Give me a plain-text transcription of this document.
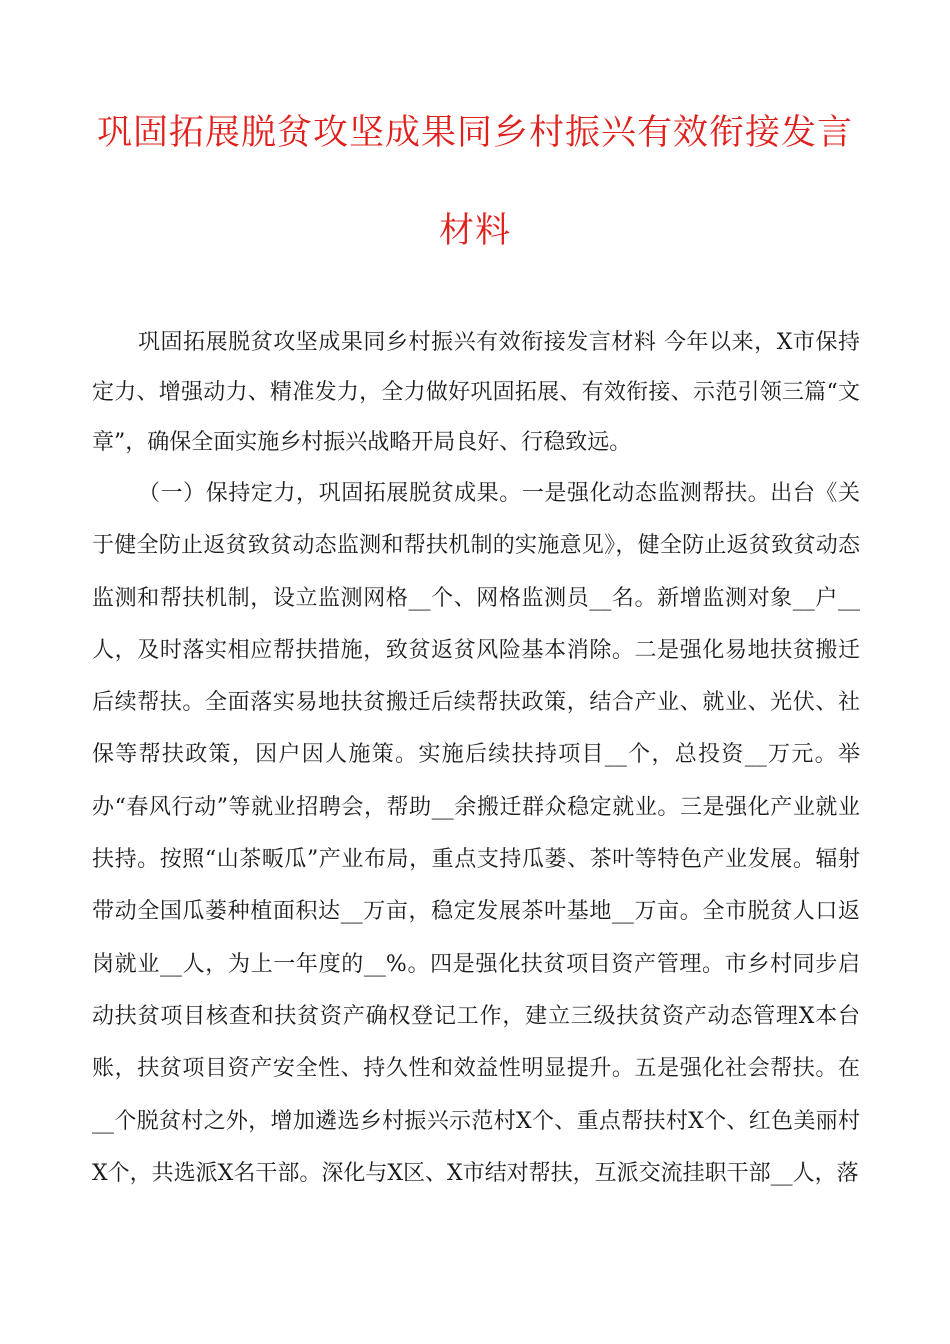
巩固拓展脱贫攻坚成果同乡村振兴有效衔接发言
材料

巩固拓展脱贫攻坚成果同乡村振兴有效衔接发言材料 今年以来，X市保持定力、增强动力、精准发力，全力做好巩固拓展、有效衔接、示范引领三篇“文章”，确保全面实施乡村振兴战略开局良好、行稳致远。

（一）保持定力，巩固拓展脱贫成果。一是强化动态监测帮扶。出台《关于健全防止返贫致贫动态监测和帮扶机制的实施意见》，健全防止返贫致贫动态监测和帮扶机制，设立监测网格__个、网格监测员__名。新增监测对象__户__人，及时落实相应帮扶措施，致贫返贫风险基本消除。二是强化易地扶贫搬迁后续帮扶。全面落实易地扶贫搬迁后续帮扶政策，结合产业、就业、光伏、社保等帮扶政策，因户因人施策。实施后续扶持项目__个，总投资__万元。举办“春风行动”等就业招聘会，帮助__余搬迁群众稳定就业。三是强化产业就业扶持。按照“山茶畈瓜”产业布局，重点支持瓜蒌、茶叶等特色产业发展。辐射带动全国瓜蒌种植面积达__万亩，稳定发展茶叶基地__万亩。全市脱贫人口返岗就业__人，为上一年度的__%。四是强化扶贫项目资产管理。市乡村同步启动扶贫项目核查和扶贫资产确权登记工作，建立三级扶贫资产动态管理X本台账，扶贫项目资产安全性、持久性和效益性明显提升。五是强化社会帮扶。在__个脱贫村之外，增加遴选乡村振兴示范村X个、重点帮扶村X个、红色美丽村X个，共选派X名干部。深化与X区、X市结对帮扶，互派交流挂职干部__人，落
